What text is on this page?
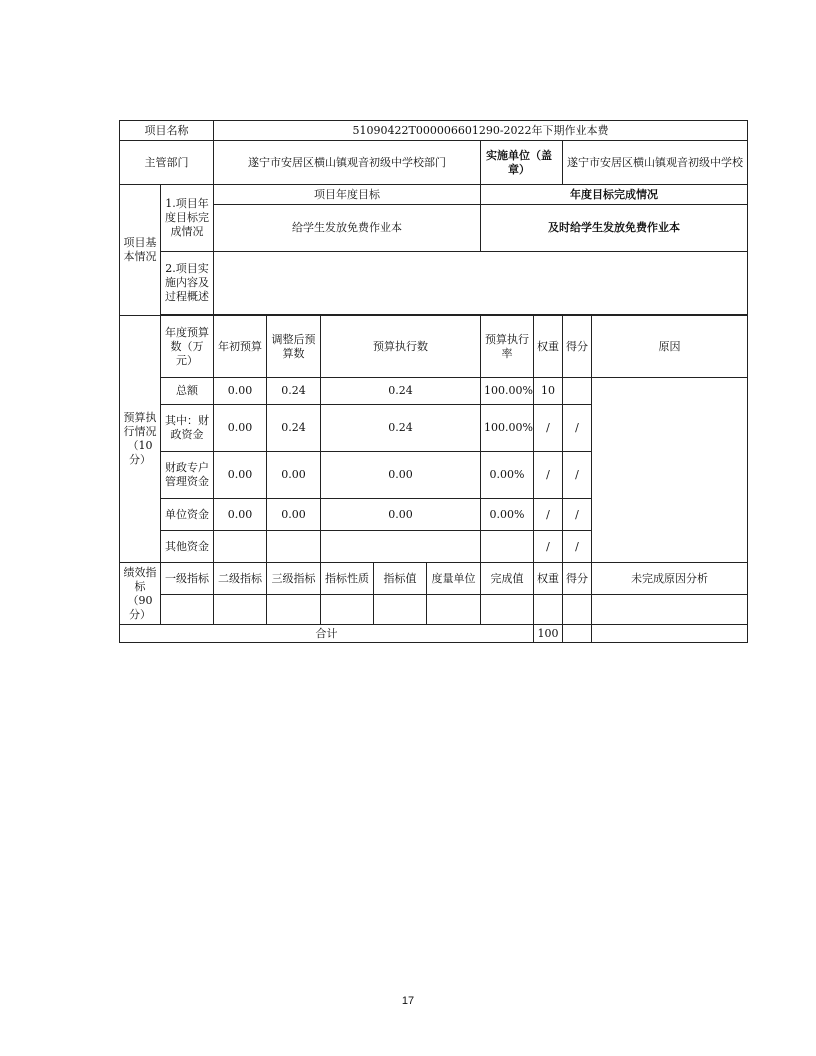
项目名称		51090422T000006601290-2022年下期作业本费								
主管部门		遂宁市安居区横山镇观音初级中学校部门					实施单位（盖章）		遂宁市安居区横山镇观音初级中学校	
项目基本情况	1.项目年度目标完成情况	项目年度目标					年度目标完成情况			
		给学生发放免费作业本					及时给学生发放免费作业本			
	2.项目实施内容及过程概述									

预算执行情况（10分）	年度预算数（万元）	年初预算	调整后预算数	预算执行数			预算执行率	权重	得分	原因
	总额	0.00	0.24	0.24			100.00%	10		
	其中：财政资金	0.00	0.24	0.24			100.00%	/	/	
	财政专户管理资金	0.00	0.00	0.00			0.00%	/	/	
	单位资金	0.00	0.00	0.00			0.00%	/	/	
	其他资金							/	/	
绩效指标（90分）	一级指标	二级指标	三级指标	指标性质	指标值	度量单位	完成值	权重	得分	未完成原因分析

合计								100		
17
